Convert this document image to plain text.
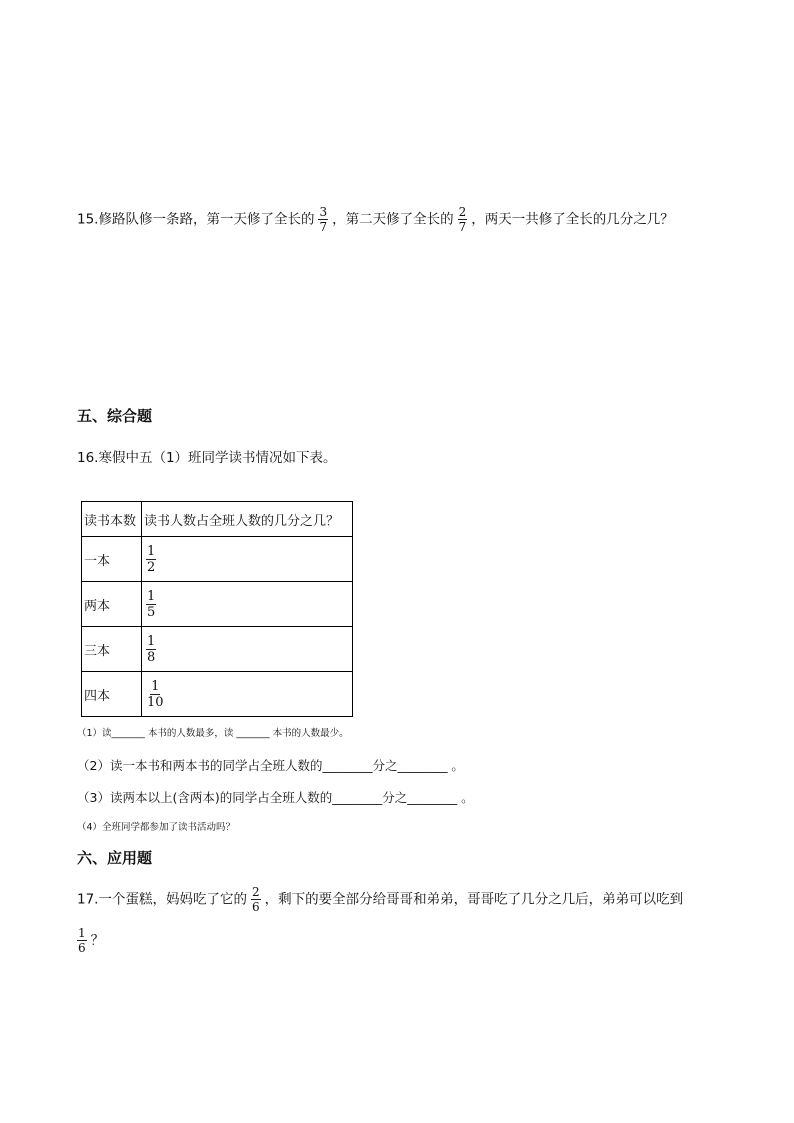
15.修路队修一条路，第一天修了全长的 $\frac{3}{7}$ ，第二天修了全长的 $\frac{2}{7}$ ，两天一共修了全长的几分之几？
五、综合题
16.寒假中五（1）班同学读书情况如下表。
读书本数	读书人数占全班人数的几分之几？
一本	$\frac{1}{2}$

两本	$\frac{1}{5}$

三本	$\frac{1}{8}$

四本	$\frac{1}{10}$
（1）读_______ 本书的人数最多，读 _______ 本书的人数最少。
（2）读一本书和两本书的同学占全班人数的________分之________ 。
（3）读两本以上(含两本)的同学占全班人数的________分之________ 。
（4）全班同学都参加了读书活动吗？
六、应用题
17.一个蛋糕，妈妈吃了它的 $\frac{2}{6}$ ，剩下的要全部分给哥哥和弟弟，哥哥吃了几分之几后，弟弟可以吃到
$\frac{1}{6}$ ？
